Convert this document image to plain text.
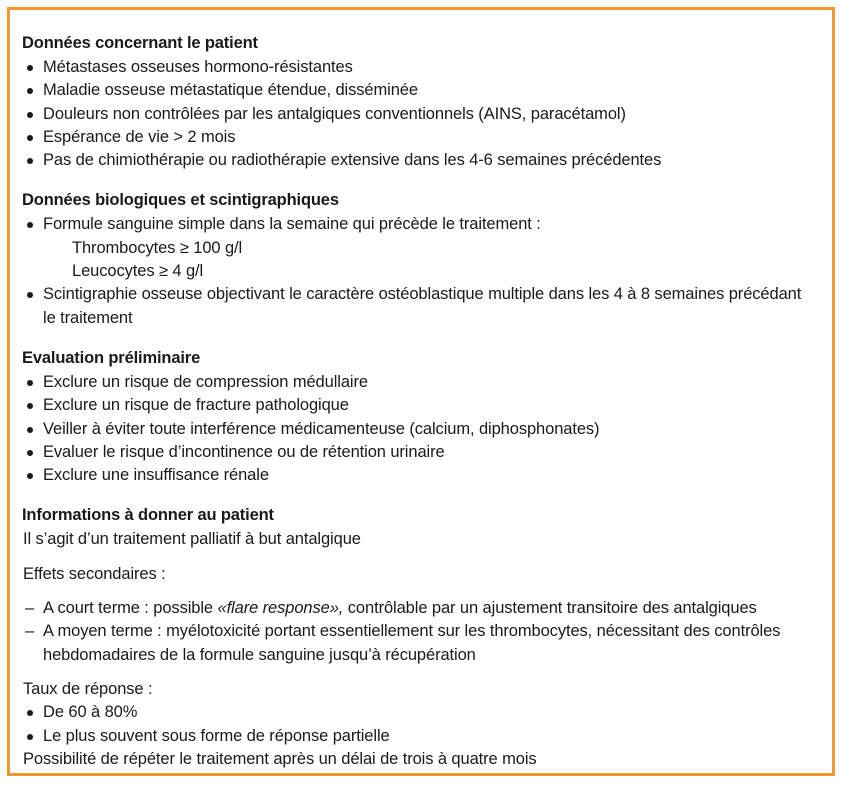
Données concernant le patient
Métastases osseuses hormono-résistantes
Maladie osseuse métastatique étendue, disséminée
Douleurs non contrôlées par les antalgiques conventionnels (AINS, paracétamol)
Espérance de vie > 2 mois
Pas de chimiothérapie ou radiothérapie extensive dans les 4-6 semaines précédentes
Données biologiques et scintigraphiques
Formule sanguine simple dans la semaine qui précède le traitement :
Thrombocytes ≥ 100 g/l
Leucocytes ≥ 4 g/l
Scintigraphie osseuse objectivant le caractère ostéoblastique multiple dans les 4 à 8 semaines précédant le traitement
Evaluation préliminaire
Exclure un risque de compression médullaire
Exclure un risque de fracture pathologique
Veiller à éviter toute interférence médicamenteuse (calcium, diphosphonates)
Evaluer le risque d’incontinence ou de rétention urinaire
Exclure une insuffisance rénale
Informations à donner au patient
Il s’agit d’un traitement palliatif à but antalgique
Effets secondaires :
– A court terme : possible «flare response», contrôlable par un ajustement transitoire des antalgiques
– A moyen terme : myélotoxicité portant essentiellement sur les thrombocytes, nécessitant des contrôles hebdomadaires de la formule sanguine jusqu’à récupération
Taux de réponse :
De 60 à 80%
Le plus souvent sous forme de réponse partielle
Possibilité de répéter le traitement après un délai de trois à quatre mois
